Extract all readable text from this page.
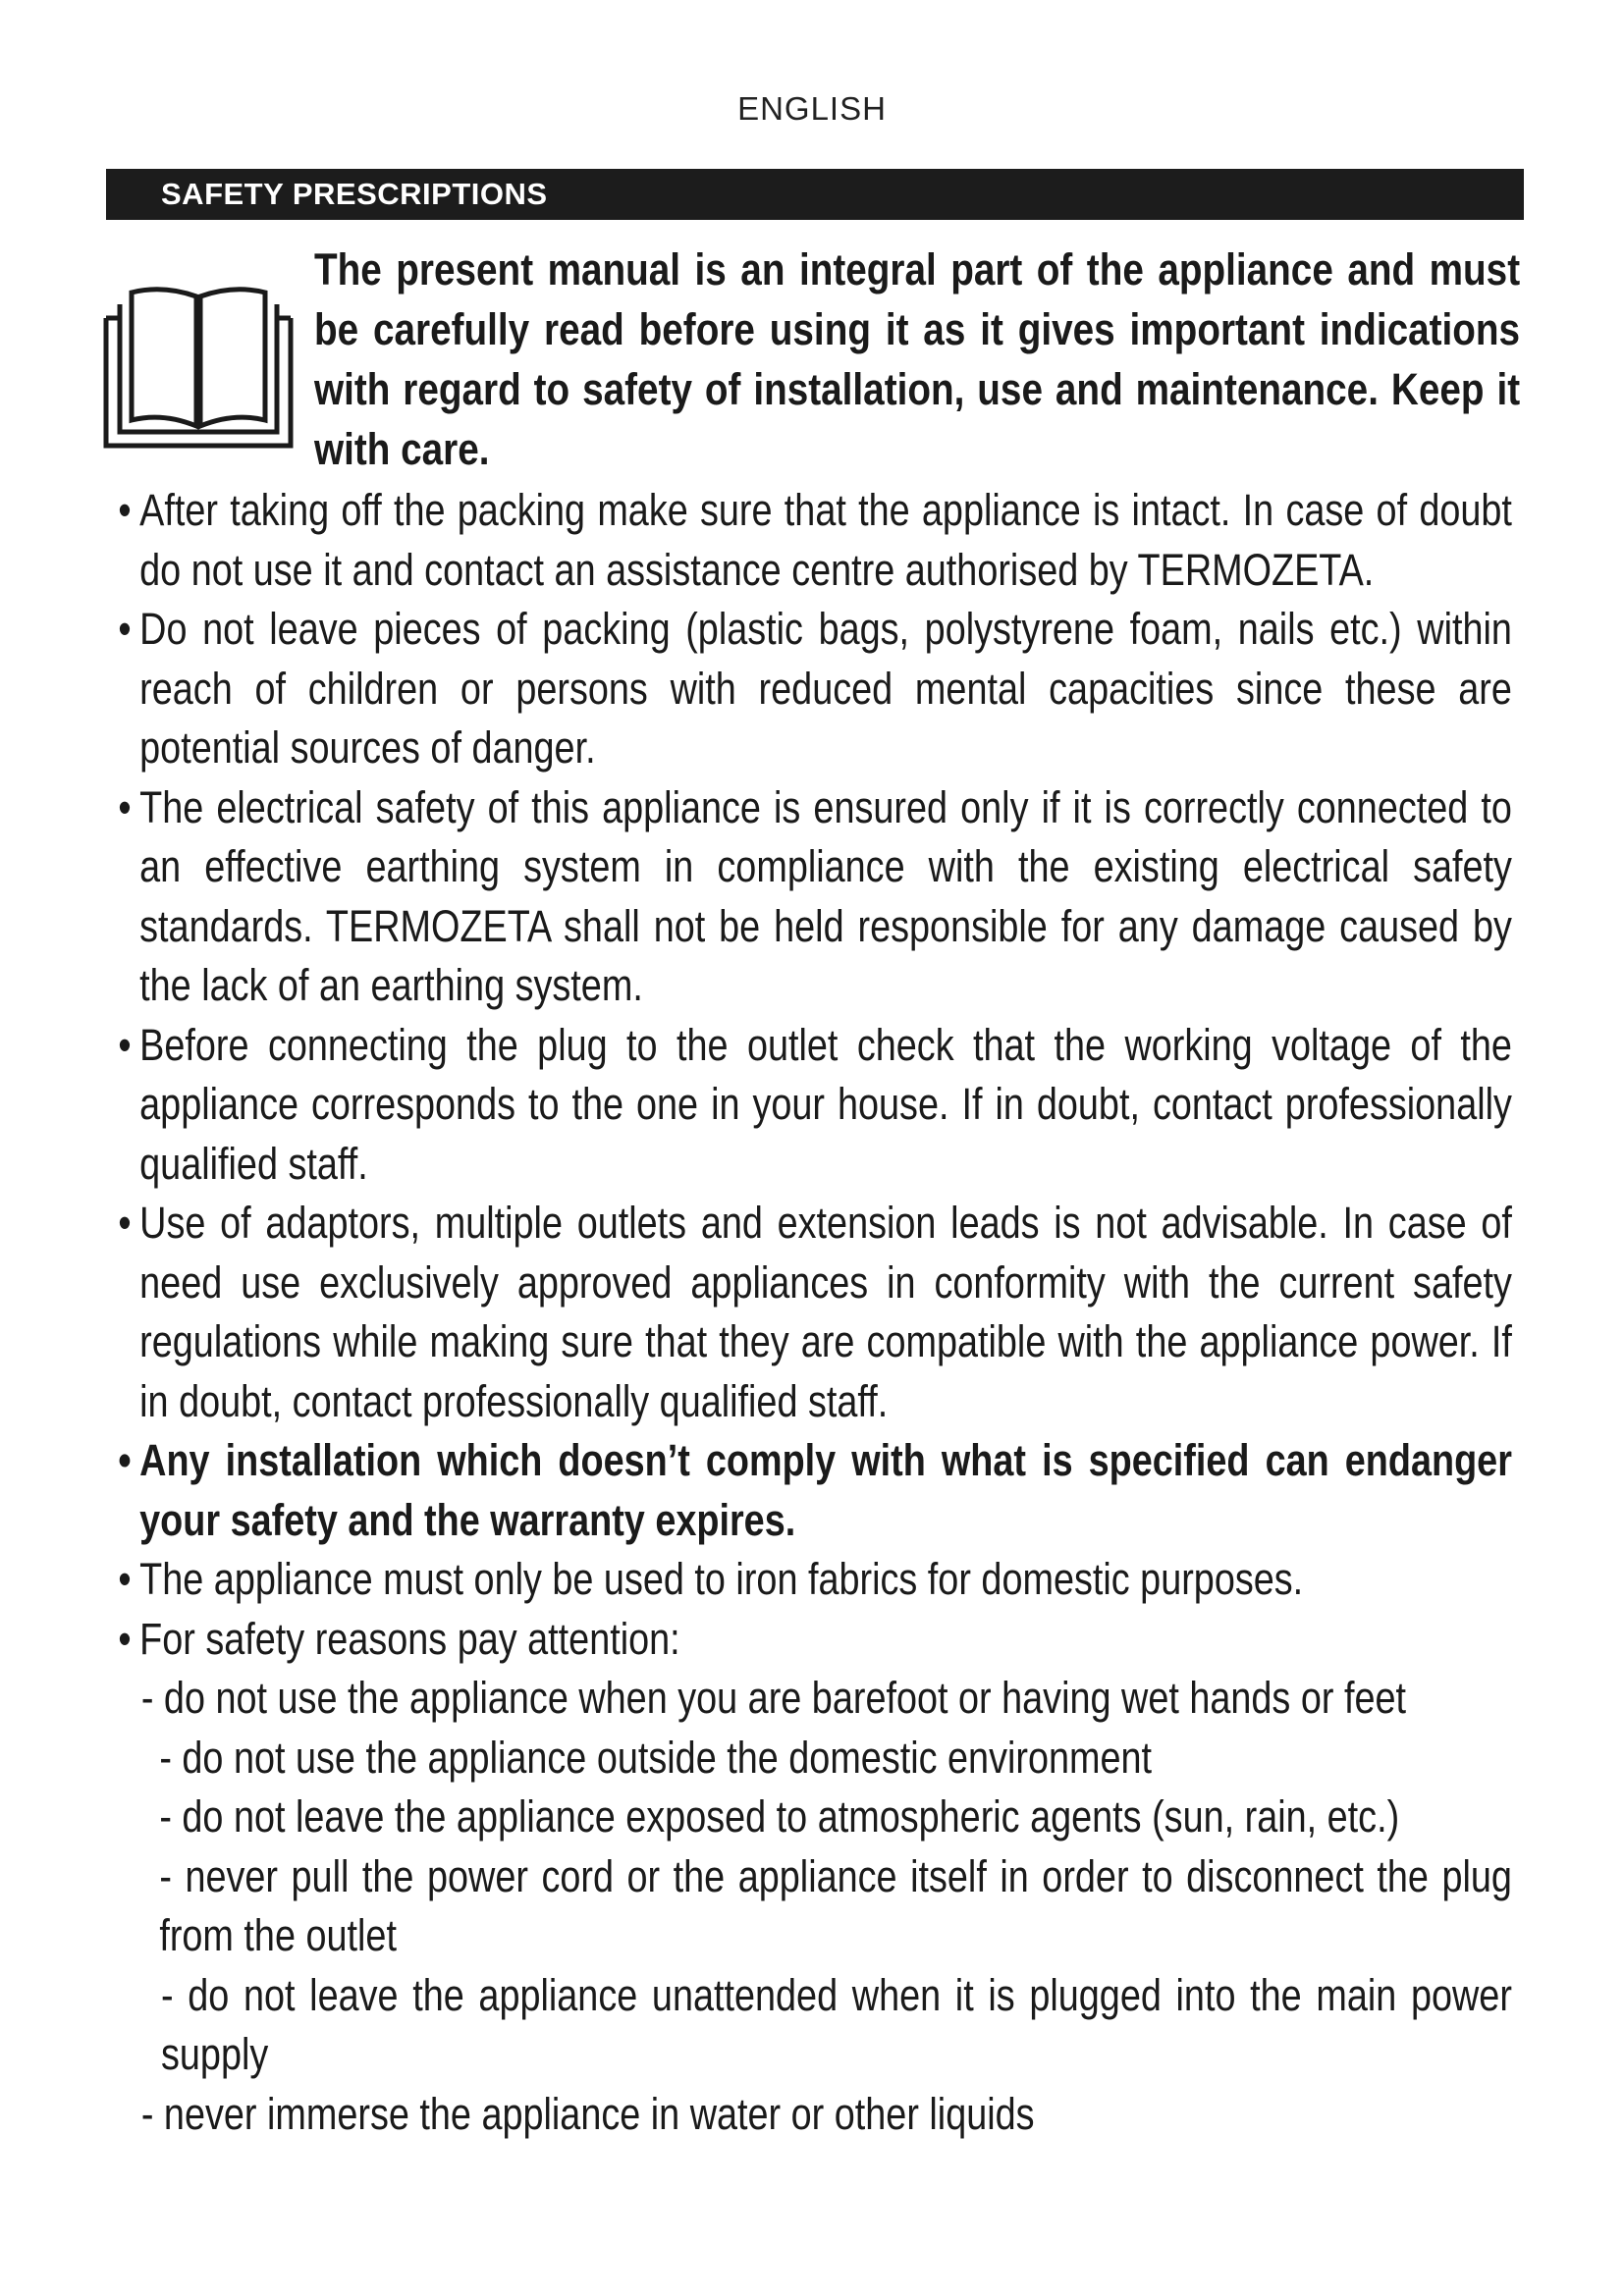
ENGLISH
SAFETY PRESCRIPTIONS
The present manual is an integral part of the appliance and must be carefully read before using it as it gives important indications with regard to safety of installation, use and maintenance. Keep it with care.
• After taking off the packing make sure that the appliance is intact. In case of doubt do not use it and contact an assistance centre authorised by TERMOZETA.
• Do not leave pieces of packing (plastic bags, polystyrene foam, nails etc.) within reach of children or persons with reduced mental capacities since these are potential sources of danger.
• The electrical safety of this appliance is ensured only if it is correctly connected to an effective earthing system in compliance with the existing electrical safety standards. TERMOZETA shall not be held responsible for any damage caused by the lack of an earthing system.
• Before connecting the plug to the outlet check that the working voltage of the appliance corresponds to the one in your house. If in doubt, contact professionally qualified staff.
• Use of adaptors, multiple outlets and extension leads is not advisable. In case of need use exclusively approved appliances in conformity with the current safety regulations while making sure that they are compatible with the appliance power. If in doubt, contact professionally qualified staff.
• Any installation which doesn’t comply with what is specified can endanger your safety and the warranty expires.
• The appliance must only be used to iron fabrics for domestic purposes.
• For safety reasons pay attention:
- do not use the appliance when you are barefoot or having wet hands or feet
- do not use the appliance outside the domestic environment
- do not leave the appliance exposed to atmospheric agents (sun, rain, etc.)
- never pull the power cord or the appliance itself in order to disconnect the plug from the outlet
- do not leave the appliance unattended when it is plugged into the main power supply
- never immerse the appliance in water or other liquids
